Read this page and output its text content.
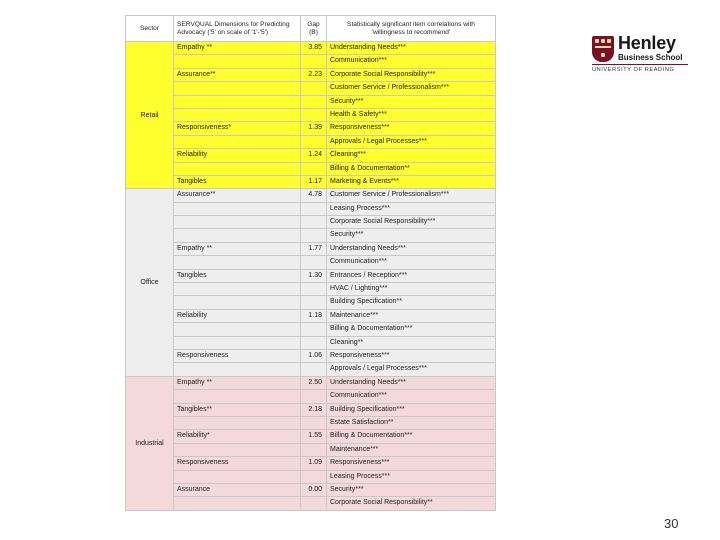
Sector	SERVQUAL Dimensions for Predicting Advocacy ('5' on scale of '1'-'5')	Gap (B)	Statistically significant item correlations with 'willingness to recommend'
Retail	Empathy **	3.85	Understanding Needs***
			Communication***
	Assurance**	2.23	Corporate Social Responsibility***
			Customer Service / Professionalism***
			Security***
			Health & Safety***
	Responsiveness*	1.39	Responsiveness***
			Approvals / Legal Processes***
	Reliability	1.24	Cleaning***
			Billing & Documentation**
	Tangibles	1.17	Marketing & Events***
Office	Assurance**	4.78	Customer Service / Professionalism***
			Leasing Process***
			Corporate Social Responsibility***
			Security***
	Empathy **	1.77	Understanding Needs***
			Communication***
	Tangibles	1.30	Entrances / Reception***
			HVAC / Lighting***
			Building Specification**
	Reliability	1.18	Maintenance***
			Billing & Documentation***
			Cleaning**
	Responsiveness	1.06	Responsiveness***
			Approvals / Legal Processes***
Industrial	Empathy **	2.50	Understanding Needs***
			Communication***
	Tangibles**	2.18	Building Specification***
			Estate Satisfaction**
	Reliability*	1.55	Billing & Documentation***
			Maintenance***
	Responsiveness	1.09	Responsiveness***
			Leasing Process***
	Assurance	0.00	Security***
			Corporate Social Responsibility**
Henley
Business School
UNIVERSITY OF READING
30
